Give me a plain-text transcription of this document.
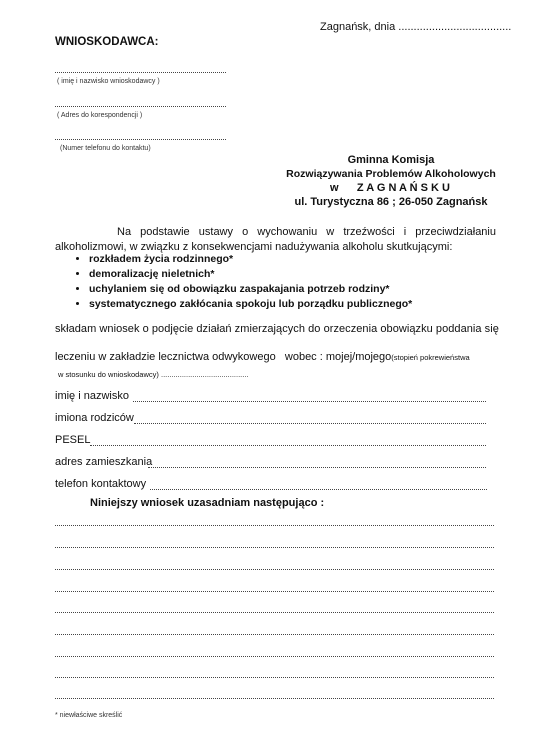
Zagnańsk, dnia .....................................
WNIOSKODAWCA:
( imię i nazwisko wnioskodawcy )
( Adres do korespondencji )
(Numer telefonu do kontaktu)
Gminna Komisja
Rozwiązywania Problemów Alkoholowych
w      Z A G N A Ń S K U
ul. Turystyczna 86 ; 26-050 Zagnańsk
Na podstawie ustawy o wychowaniu w trzeźwości i przeciwdziałaniu alkoholizmowi, w związku z konsekwencjami nadużywania alkoholu skutkującymi:
• rozkładem życia rodzinnego*
• demoralizację nieletnich*
• uchylaniem się od obowiązku zaspakajania potrzeb rodziny*
• systematycznego zakłócania spokoju lub porządku publicznego*
składam wniosek o podjęcie działań zmierzających do orzeczenia obowiązku poddania się
leczeniu w zakładzie lecznictwa odwykowego   wobec : mojej/mojego(stopień pokrewieństwa
w stosunku do wnioskodawcy) ..........................................
imię i nazwisko
imiona rodziców
PESEL
adres zamieszkania
telefon kontaktowy
Niniejszy wniosek uzasadniam następująco :
* niewłaściwe skreślić
